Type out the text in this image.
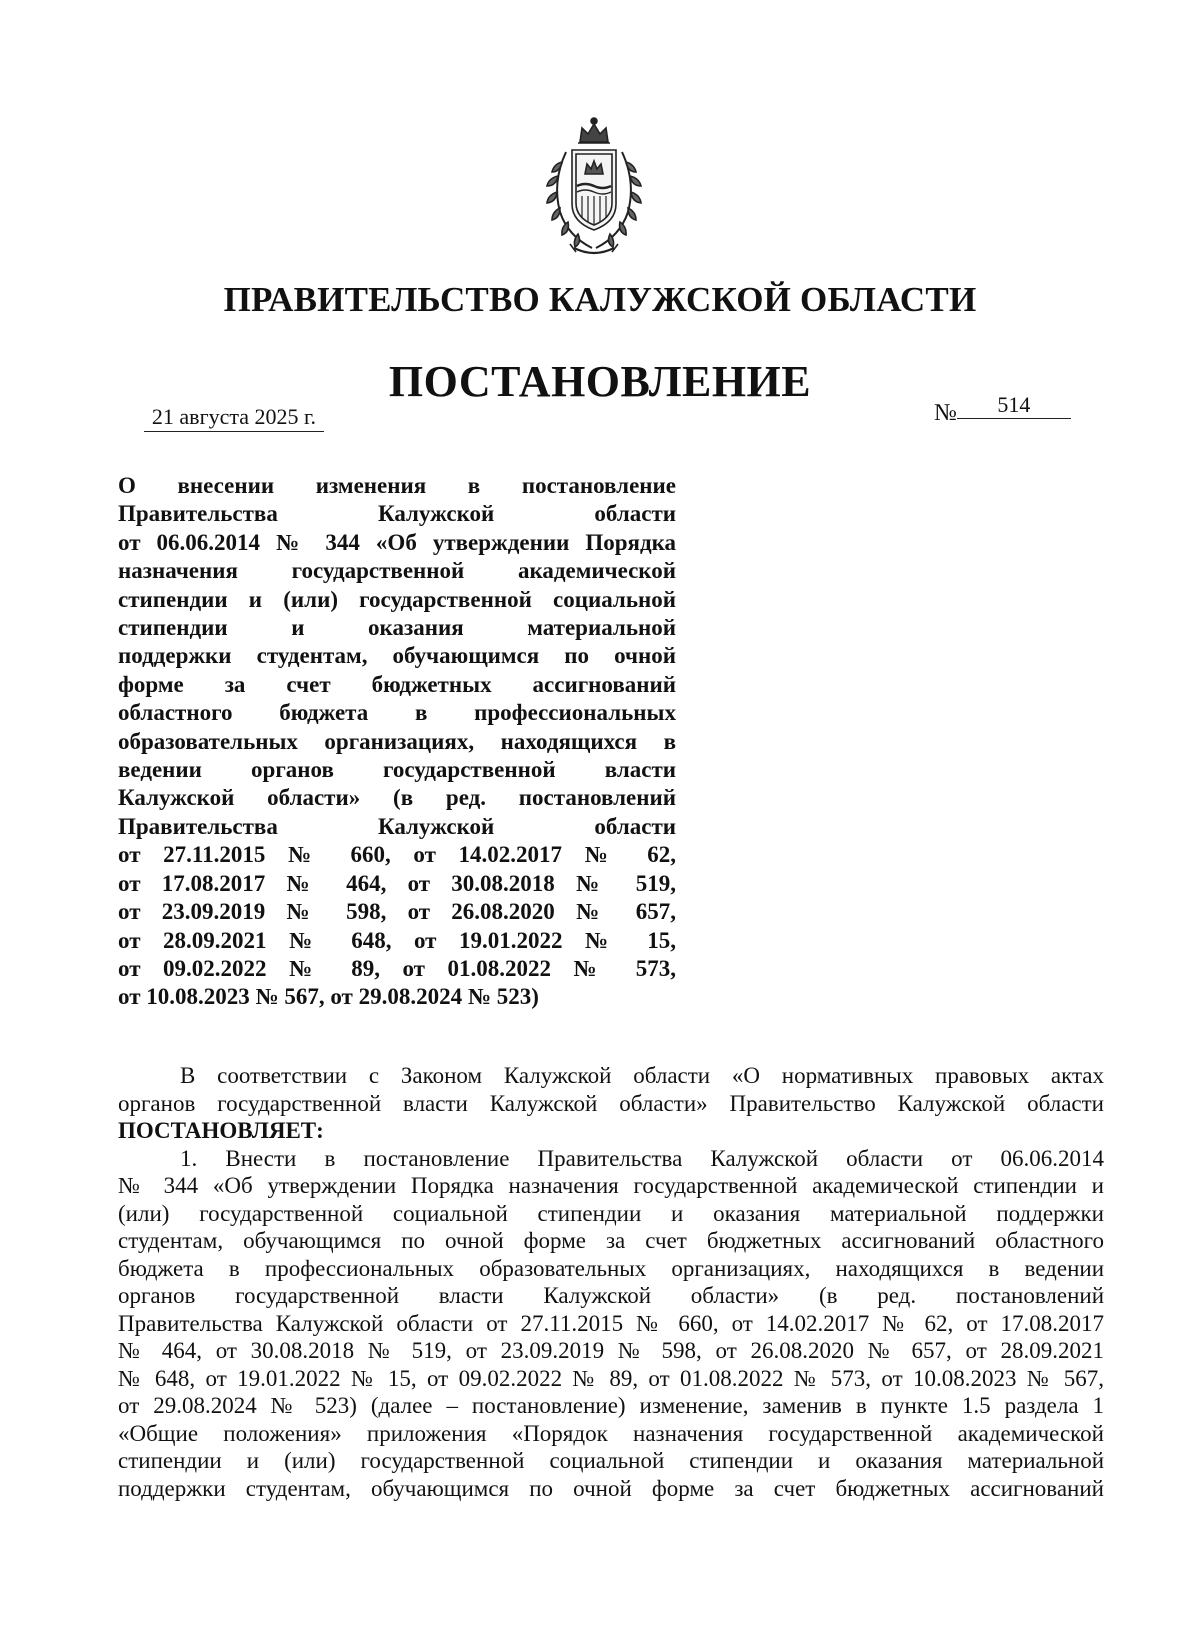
ПРАВИТЕЛЬСТВО КАЛУЖСКОЙ ОБЛАСТИ
ПОСТАНОВЛЕНИЕ
21 августа 2025 г.	№ 514
О внесении изменения в постановление
Правительства Калужской области
от 06.06.2014 № 344 «Об утверждении Порядка
назначения государственной академической
стипендии и (или) государственной социальной
стипендии и оказания материальной
поддержки студентам, обучающимся по очной
форме за счет бюджетных ассигнований
областного бюджета в профессиональных
образовательных организациях, находящихся в
ведении органов государственной власти
Калужской области» (в ред. постановлений
Правительства Калужской области
от 27.11.2015 № 660, от 14.02.2017 № 62,
от 17.08.2017 № 464, от 30.08.2018 № 519,
от 23.09.2019 № 598, от 26.08.2020 № 657,
от 28.09.2021 № 648, от 19.01.2022 № 15,
от 09.02.2022 № 89, от 01.08.2022 № 573,
от 10.08.2023 № 567, от 29.08.2024 № 523)
В соответствии с Законом Калужской области «О нормативных правовых актах
органов государственной власти Калужской области» Правительство Калужской области
ПОСТАНОВЛЯЕТ:
1. Внести в постановление Правительства Калужской области от 06.06.2014
№ 344 «Об утверждении Порядка назначения государственной академической стипендии и
(или) государственной социальной стипендии и оказания материальной поддержки
студентам, обучающимся по очной форме за счет бюджетных ассигнований областного
бюджета в профессиональных образовательных организациях, находящихся в ведении
органов государственной власти Калужской области» (в ред. постановлений
Правительства Калужской области от 27.11.2015 № 660, от 14.02.2017 № 62, от 17.08.2017
№ 464, от 30.08.2018 № 519, от 23.09.2019 № 598, от 26.08.2020 № 657, от 28.09.2021
№ 648, от 19.01.2022 № 15, от 09.02.2022 № 89, от 01.08.2022 № 573, от 10.08.2023 № 567,
от 29.08.2024 № 523) (далее – постановление) изменение, заменив в пункте 1.5 раздела 1
«Общие положения» приложения «Порядок назначения государственной академической
стипендии и (или) государственной социальной стипендии и оказания материальной
поддержки студентам, обучающимся по очной форме за счет бюджетных ассигнований
